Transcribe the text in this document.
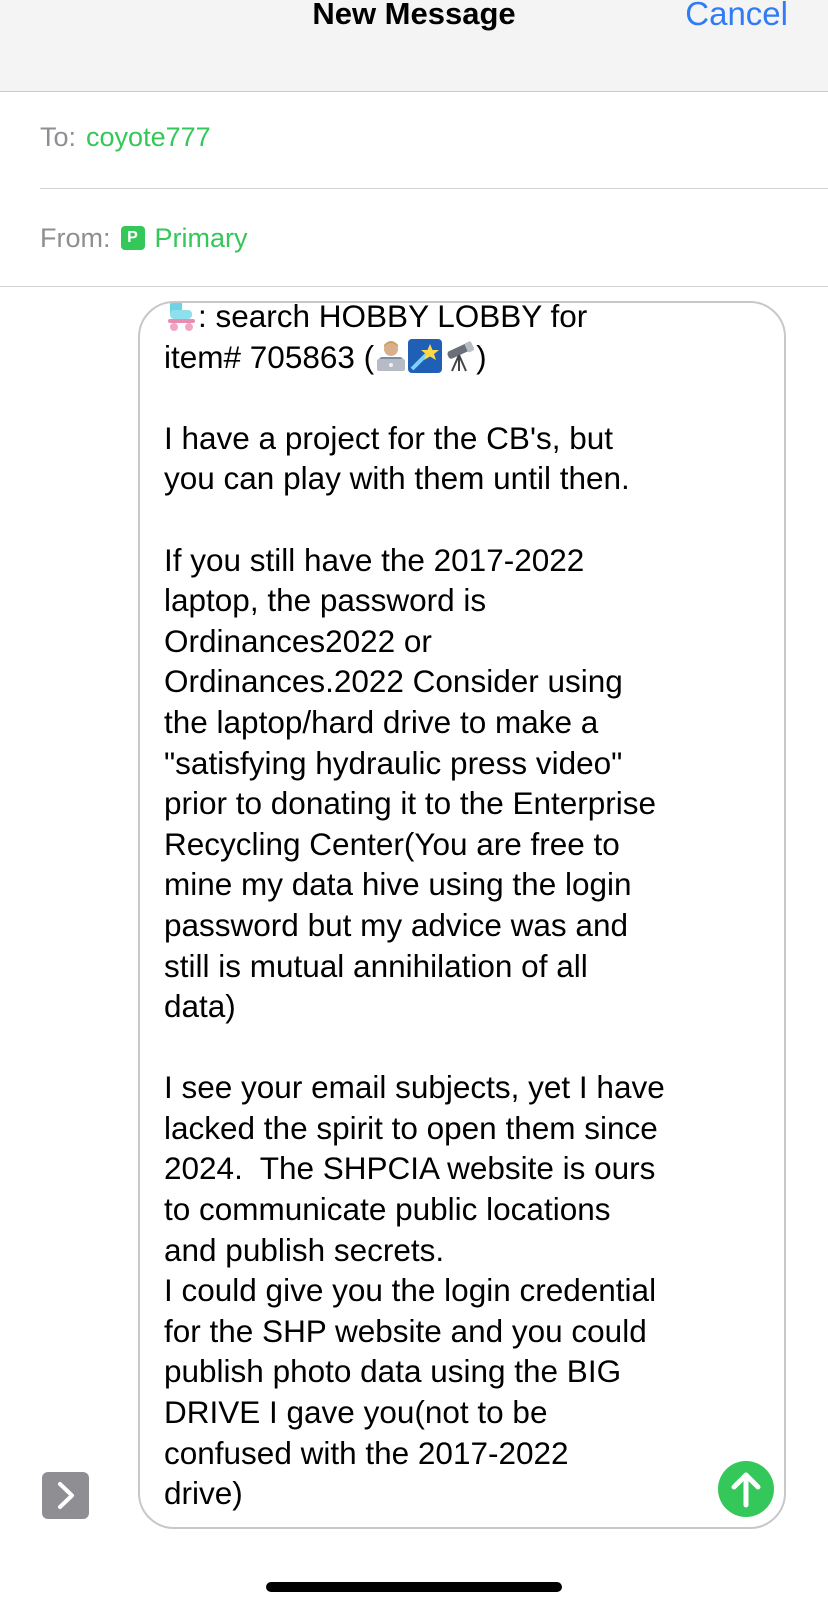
New Message	Cancel
To: coyote777
From:	P Primary
: search HOBBY LOBBY for
item# 705863 (	)

I have a project for the CB's, but
you can play with them until then.

If you still have the 2017-2022
laptop, the password is
Ordinances2022 or
Ordinances.2022 Consider using
the laptop/hard drive to make a
"satisfying hydraulic press video"
prior to donating it to the Enterprise
Recycling Center(You are free to
mine my data hive using the login
password but my advice was and
still is mutual annihilation of all
data)

I see your email subjects, yet I have
lacked the spirit to open them since
2024.  The SHPCIA website is ours
to communicate public locations
and publish secrets.
I could give you the login credential
for the SHP website and you could
publish photo data using the BIG
DRIVE I gave you(not to be
confused with the 2017-2022
drive)
